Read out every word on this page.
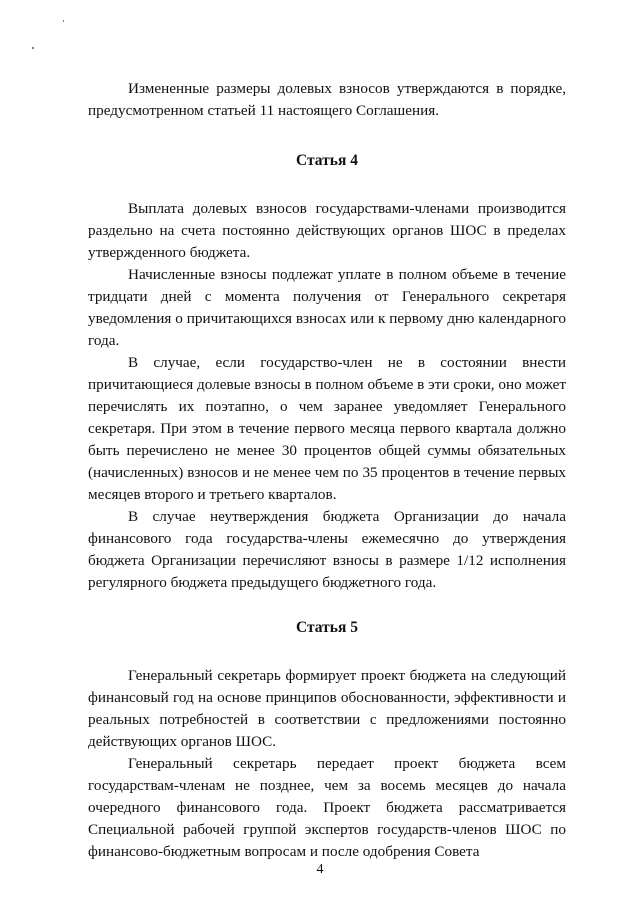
Измененные размеры долевых взносов утверждаются в порядке, предусмотренном статьей 11 настоящего Соглашения.

Статья 4

Выплата долевых взносов государствами-членами производится раздельно на счета постоянно действующих органов ШОС в пределах утвержденного бюджета.

Начисленные взносы подлежат уплате в полном объеме в течение тридцати дней с момента получения от Генерального секретаря уведомления о причитающихся взносах или к первому дню календарного года.

В случае, если государство-член не в состоянии внести причитающиеся долевые взносы в полном объеме в эти сроки, оно может перечислять их поэтапно, о чем заранее уведомляет Генерального секретаря. При этом в течение первого месяца первого квартала должно быть перечислено не менее 30 процентов общей суммы обязательных (начисленных) взносов и не менее чем по 35 процентов в течение первых месяцев второго и третьего кварталов.

В случае неутверждения бюджета Организации до начала финансового года государства-члены ежемесячно до утверждения бюджета Организации перечисляют взносы в размере 1/12 исполнения регулярного бюджета предыдущего бюджетного года.

Статья 5

Генеральный секретарь формирует проект бюджета на следующий финансовый год на основе принципов обоснованности, эффективности и реальных потребностей в соответствии с предложениями постоянно действующих органов ШОС.

Генеральный секретарь передает проект бюджета всем государствам-членам не позднее, чем за восемь месяцев до начала очередного финансового года. Проект бюджета рассматривается Специальной рабочей группой экспертов государств-членов ШОС по финансово-бюджетным вопросам и после одобрения Совета

4
